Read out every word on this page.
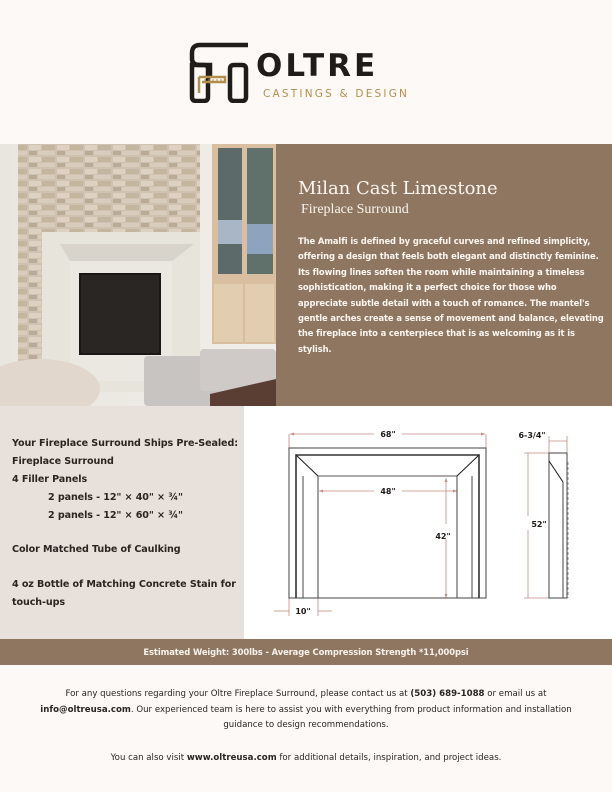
OLTRE
CASTINGS & DESIGN
Milan Cast Limestone
Fireplace Surround

The Amalfi is defined by graceful curves and refined simplicity, offering a design that feels both elegant and distinctly feminine. Its flowing lines soften the room while maintaining a timeless sophistication, making it a perfect choice for those who appreciate subtle detail with a touch of romance. The mantel's gentle arches create a sense of movement and balance, elevating the fireplace into a centerpiece that is as welcoming as it is stylish.

Your Fireplace Surround Ships Pre-Sealed:
Fireplace Surround
4 Filler Panels
2 panels - 12" × 40" × ¾"
2 panels - 12" × 60" × ¾"
Color Matched Tube of Caulking
4 oz Bottle of Matching Concrete Stain for
touch-ups
68"
48"
42"
10"
6-3/4"
52"
Estimated Weight: 300lbs - Average Compression Strength *11,000psi

For any questions regarding your Oltre Fireplace Surround, please contact us at (503) 689-1088 or email us at info@oltreusa.com. Our experienced team is here to assist you with everything from product information and installation guidance to design recommendations.

You can also visit www.oltreusa.com for additional details, inspiration, and project ideas.
